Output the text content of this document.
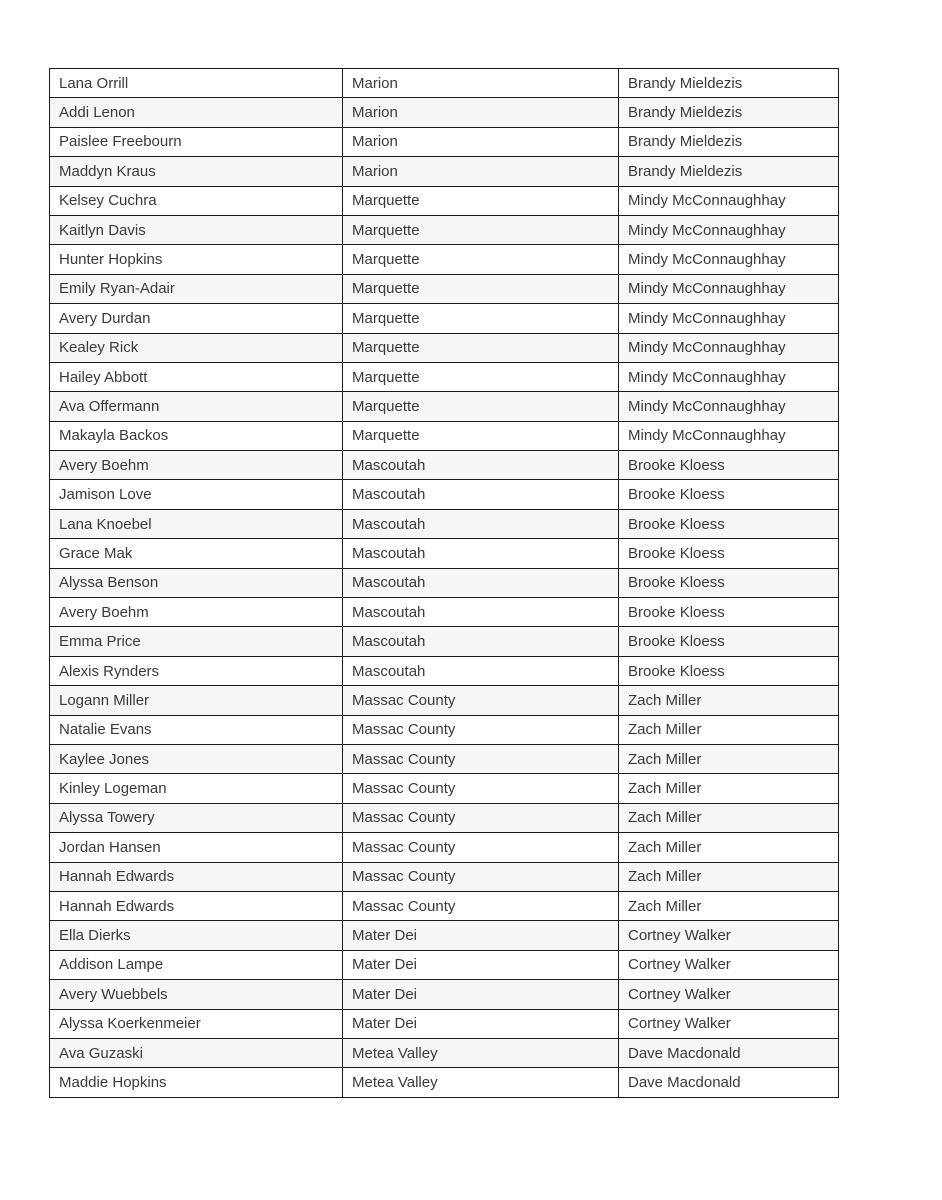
Lana Orrill	Marion	Brandy Mieldezis
Addi Lenon	Marion	Brandy Mieldezis
Paislee Freebourn	Marion	Brandy Mieldezis
Maddyn Kraus	Marion	Brandy Mieldezis
Kelsey Cuchra	Marquette	Mindy McConnaughhay
Kaitlyn Davis	Marquette	Mindy McConnaughhay
Hunter Hopkins	Marquette	Mindy McConnaughhay
Emily Ryan-Adair	Marquette	Mindy McConnaughhay
Avery Durdan	Marquette	Mindy McConnaughhay
Kealey Rick	Marquette	Mindy McConnaughhay
Hailey Abbott	Marquette	Mindy McConnaughhay
Ava Offermann	Marquette	Mindy McConnaughhay
Makayla Backos	Marquette	Mindy McConnaughhay
Avery Boehm	Mascoutah	Brooke Kloess
Jamison Love	Mascoutah	Brooke Kloess
Lana Knoebel	Mascoutah	Brooke Kloess
Grace Mak	Mascoutah	Brooke Kloess
Alyssa Benson	Mascoutah	Brooke Kloess
Avery Boehm	Mascoutah	Brooke Kloess
Emma Price	Mascoutah	Brooke Kloess
Alexis Rynders	Mascoutah	Brooke Kloess
Logann Miller	Massac County	Zach Miller
Natalie Evans	Massac County	Zach Miller
Kaylee Jones	Massac County	Zach Miller
Kinley Logeman	Massac County	Zach Miller
Alyssa Towery	Massac County	Zach Miller
Jordan Hansen	Massac County	Zach Miller
Hannah Edwards	Massac County	Zach Miller
Hannah Edwards	Massac County	Zach Miller
Ella Dierks	Mater Dei	Cortney Walker
Addison Lampe	Mater Dei	Cortney Walker
Avery Wuebbels	Mater Dei	Cortney Walker
Alyssa Koerkenmeier	Mater Dei	Cortney Walker
Ava Guzaski	Metea Valley	Dave Macdonald
Maddie Hopkins	Metea Valley	Dave Macdonald
